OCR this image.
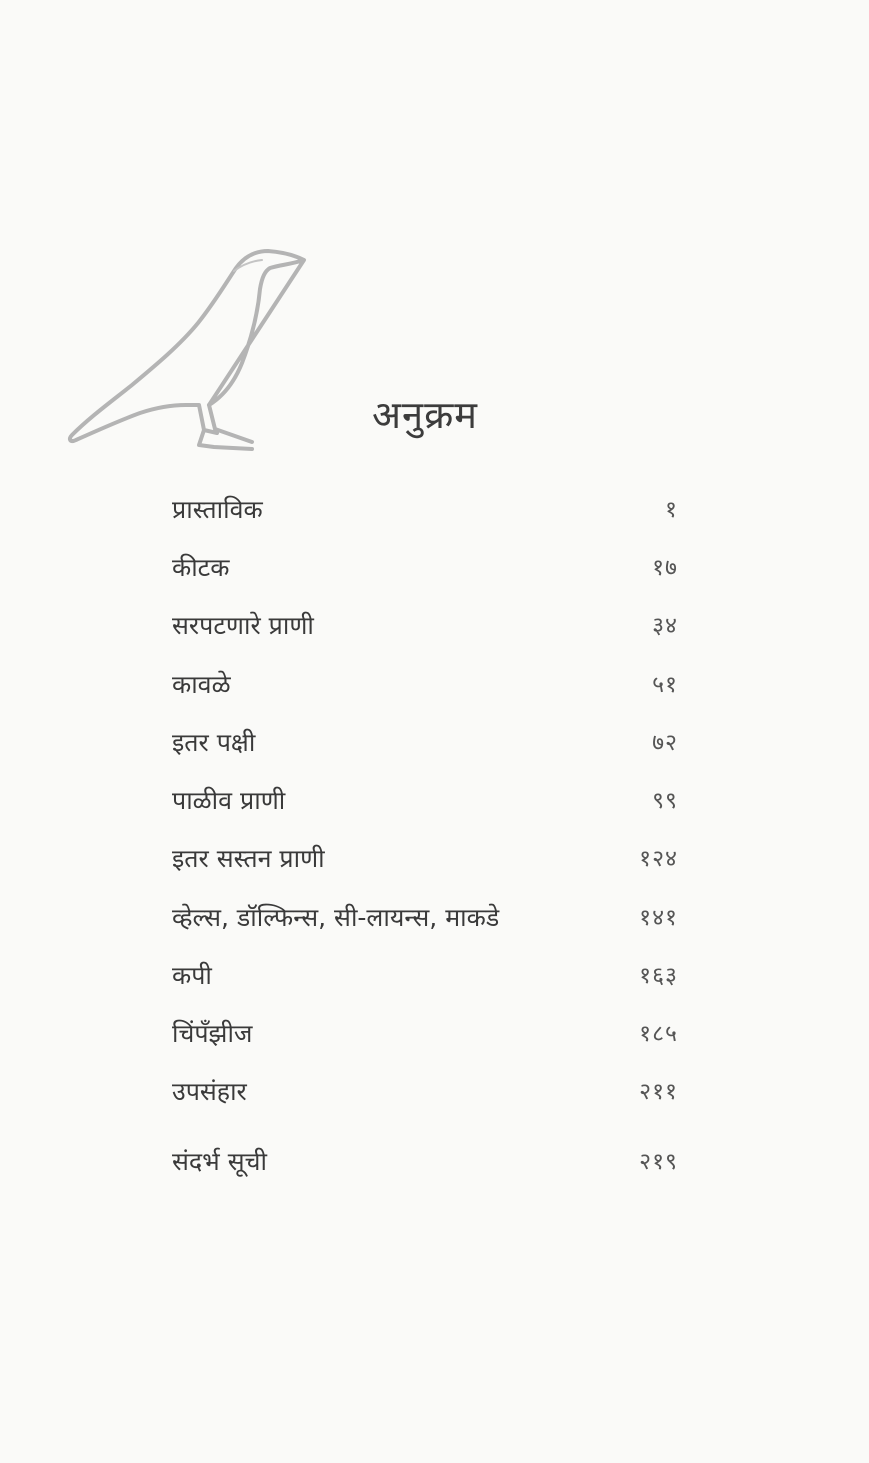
अनुक्रम
प्रास्ताविक	१
कीटक	१७
सरपटणारे प्राणी	३४
कावळे	५१
इतर पक्षी	७२
पाळीव प्राणी	९९
इतर सस्तन प्राणी	१२४
व्हेल्स, डॉल्फिन्स, सी-लायन्स, माकडे	१४१
कपी	१६३
चिंपँझीज	१८५
उपसंहार	२११
संदर्भ सूची	२१९
